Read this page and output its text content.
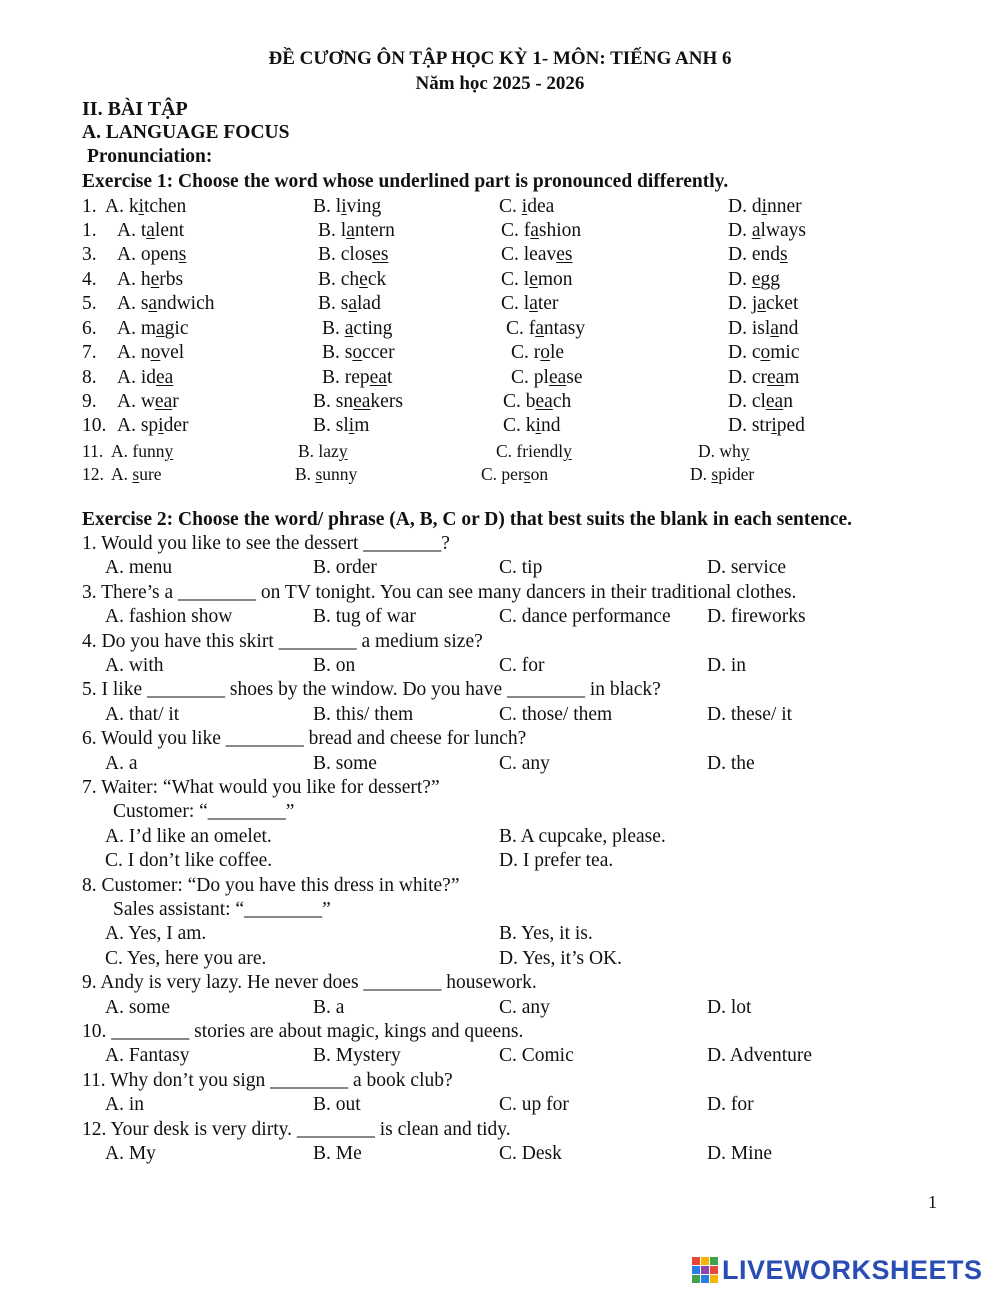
ĐỀ CƯƠNG ÔN TẬP HỌC KỲ 1- MÔN: TIẾNG ANH 6
Năm học 2025 - 2026
II. BÀI TẬP
A. LANGUAGE FOCUS
Pronunciation:
Exercise 1: Choose the word whose underlined part is pronounced differently.
1. A. kitchen	B. living	C. idea	D. dinner
1. A. talent	B. lantern	C. fashion	D. always
3. A. opens	B. closes	C. leaves	D. ends
4. A. herbs	B. check	C. lemon	D. egg
5. A. sandwich	B. salad	C. later	D. jacket
6. A. magic	B. acting	C. fantasy	D. island
7. A. novel	B. soccer	C. role	D. comic
8. A. idea	B. repeat	C. please	D. cream
9. A. wear	B. sneakers	C. beach	D. clean
10. A. spider	B. slim	C. kind	D. striped
11. A. funny	B. lazy	C. friendly	D. why
12. A. sure	B. sunny	C. person	D. spider
Exercise 2: Choose the word/ phrase (A, B, C or D) that best suits the blank in each sentence.
1. Would you like to see the dessert ________?
A. menu	B. order	C. tip	D. service
3. There’s a ________ on TV tonight. You can see many dancers in their traditional clothes.
A. fashion show	B. tug of war	C. dance performance D. fireworks
4. Do you have this skirt ________ a medium size?
A. with	B. on	C. for	D. in
5. I like ________ shoes by the window. Do you have ________ in black?
A. that/ it	B. this/ them	C. those/ them	D. these/ it
6. Would you like ________ bread and cheese for lunch?
A. a	B. some	C. any	D. the
7. Waiter: “What would you like for dessert?”
Customer: “________”
A. I’d like an omelet.	B. A cupcake, please.
C. I don’t like coffee.	D. I prefer tea.
8. Customer: “Do you have this dress in white?”
Sales assistant: “________”
A. Yes, I am.	B. Yes, it is.
C. Yes, here you are.	D. Yes, it’s OK.
9. Andy is very lazy. He never does ________ housework.
A. some	B. a	C. any	D. lot
10. ________ stories are about magic, kings and queens.
A. Fantasy	B. Mystery	C. Comic	D. Adventure
11. Why don’t you sign ________ a book club?
A. in	B. out	C. up for	D. for
12. Your desk is very dirty. ________ is clean and tidy.
A. My	B. Me	C. Desk	D. Mine
1
LIVEWORKSHEETS
